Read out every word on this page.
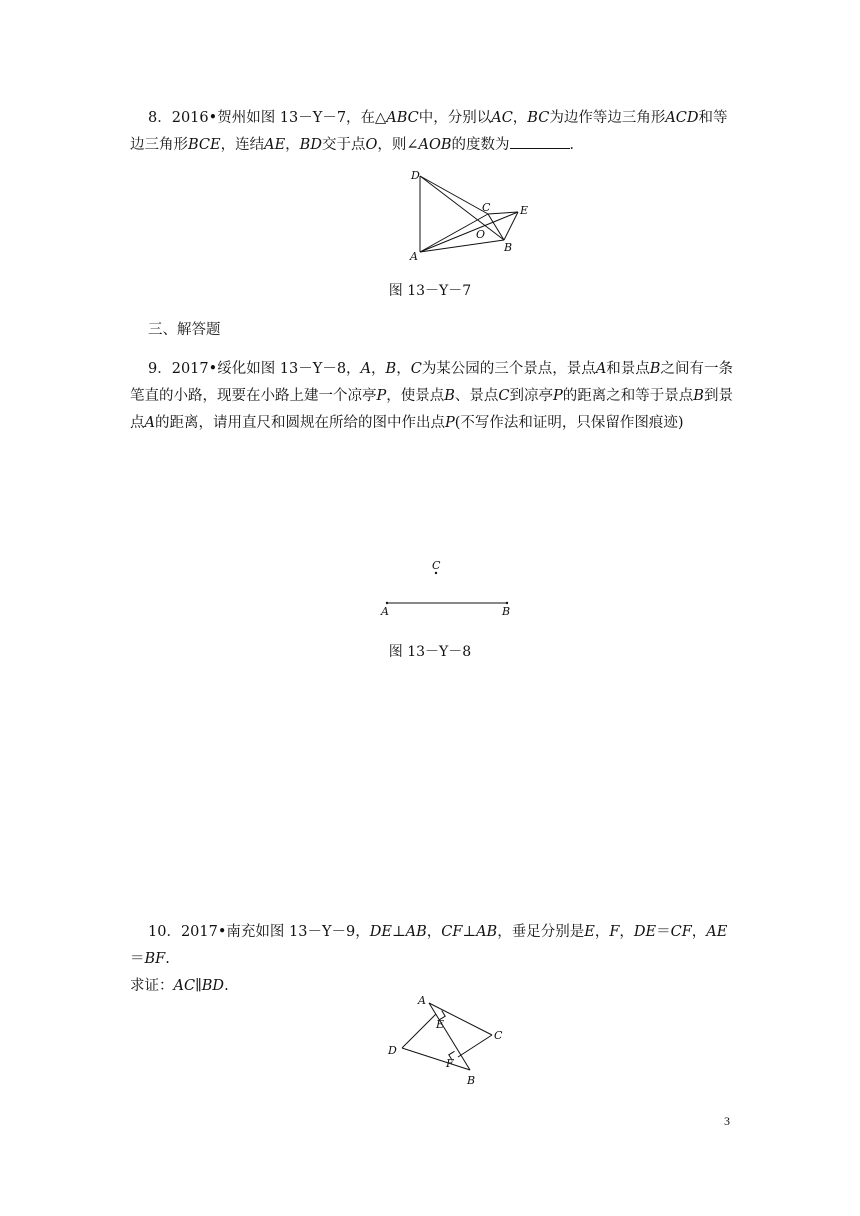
8．2016•贺州如图 13－Y－7，在△ABC中，分别以AC，BC为边作等边三角形ACD和等边三角形BCE，连结AE，BD交于点O，则∠AOB的度数为	．

D
C	E
O
A
B
图 13－Y－7

三、解答题

9．2017•绥化如图 13－Y－8，A，B，C为某公园的三个景点，景点A和景点B之间有一条笔直的小路，现要在小路上建一个凉亭P，使景点B、景点C到凉亭P的距离之和等于景点B到景点A的距离，请用直尺和圆规在所给的图中作出点P(不写作法和证明，只保留作图痕迹)

C
A	B
图 13－Y－8

10．2017•南充如图 13－Y－9，DE⊥AB，CF⊥AB，垂足分别是E，F，DE＝CF，AE＝BF.
求证：AC∥BD.

A
E
C
D
F
B
3
